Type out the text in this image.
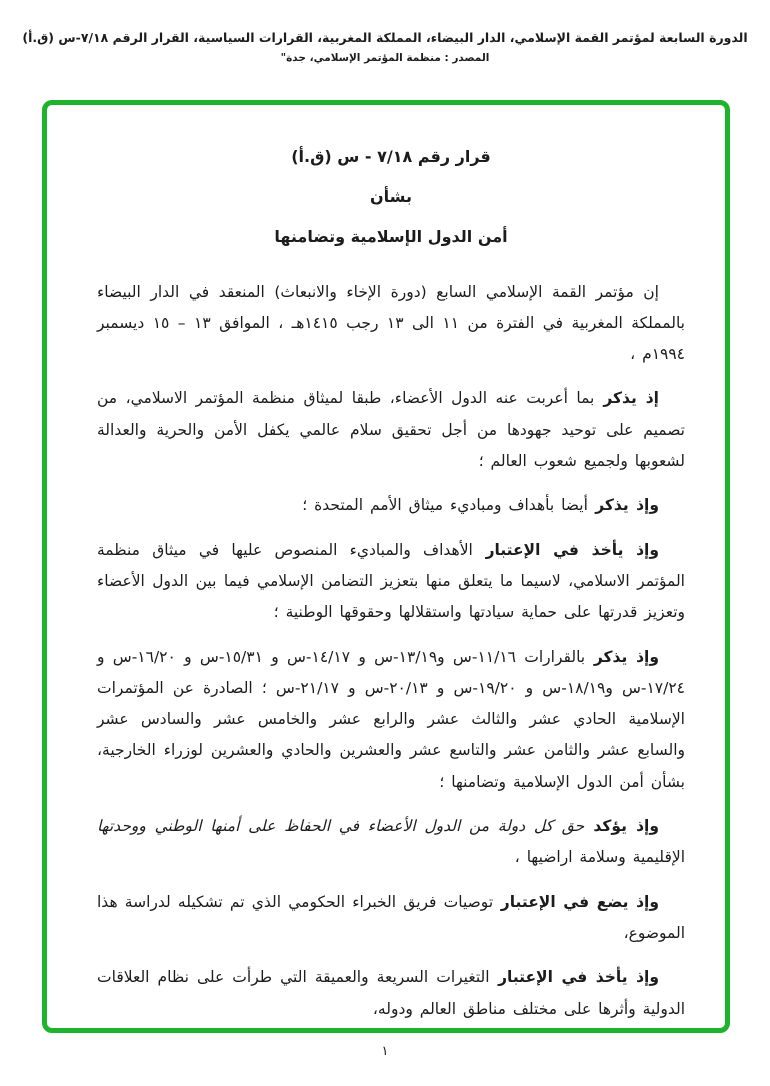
الدورة السابعة لمؤتمر القمة الإسلامي، الدار البيضاء، المملكة المغربية، القرارات السياسية، القرار الرقم ٧/١٨-س (ق.أ)
المصدر : منظمة المؤتمر الإسلامي، جدة"
قرار رقم ٧/١٨ - س (ق.أ)
بشأن
أمن الدول الإسلامية وتضامنها

إن مؤتمر القمة الإسلامي السابع (دورة الإخاء والانبعاث) المنعقد في الدار البيضاء بالمملكة المغربية في الفترة من ١١ الى ١٣ رجب ١٤١٥هـ ، الموافق ١٣ – ١٥ ديسمبر ١٩٩٤م ،

إذ يذكر بما أعربت عنه الدول الأعضاء، طبقا لميثاق منظمة المؤتمر الاسلامي، من تصميم على توحيد جهودها من أجل تحقيق سلام عالمي يكفل الأمن والحرية والعدالة لشعوبها ولجميع شعوب العالم ؛

وإذ يذكر أيضا بأهداف ومباديء ميثاق الأمم المتحدة ؛

وإذ يأخذ في الإعتبار الأهداف والمباديء المنصوص عليها في ميثاق منظمة المؤتمر الاسلامي، لاسيما ما يتعلق منها بتعزيز التضامن الإسلامي فيما بين الدول الأعضاء وتعزيز قدرتها على حماية سيادتها واستقلالها وحقوقها الوطنية ؛

وإذ يذكر بالقرارات ١١/١٦-س و١٣/١٩-س و ١٤/١٧-س و ١٥/٣١-س و ١٦/٢٠-س و ١٧/٢٤-س و١٨/١٩-س و ١٩/٢٠-س و ٢٠/١٣-س و ٢١/١٧-س ؛ الصادرة عن المؤتمرات الإسلامية الحادي عشر والثالث عشر والرابع عشر والخامس عشر والسادس عشر والسابع عشر والثامن عشر والتاسع عشر والعشرين والحادي والعشرين لوزراء الخارجية، بشأن أمن الدول الإسلامية وتضامنها ؛

وإذ يؤكد حق كل دولة من الدول الأعضاء في الحفاظ على أمنها الوطني ووحدتها الإقليمية وسلامة اراضيها ،

وإذ يضع في الإعتبار توصيات فريق الخبراء الحكومي الذي تم تشكيله لدراسة هذا الموضوع،

وإذ يأخذ في الإعتبار التغيرات السريعة والعميقة التي طرأت على نظام العلاقات الدولية وأثرها على مختلف مناطق العالم ودوله،

١
